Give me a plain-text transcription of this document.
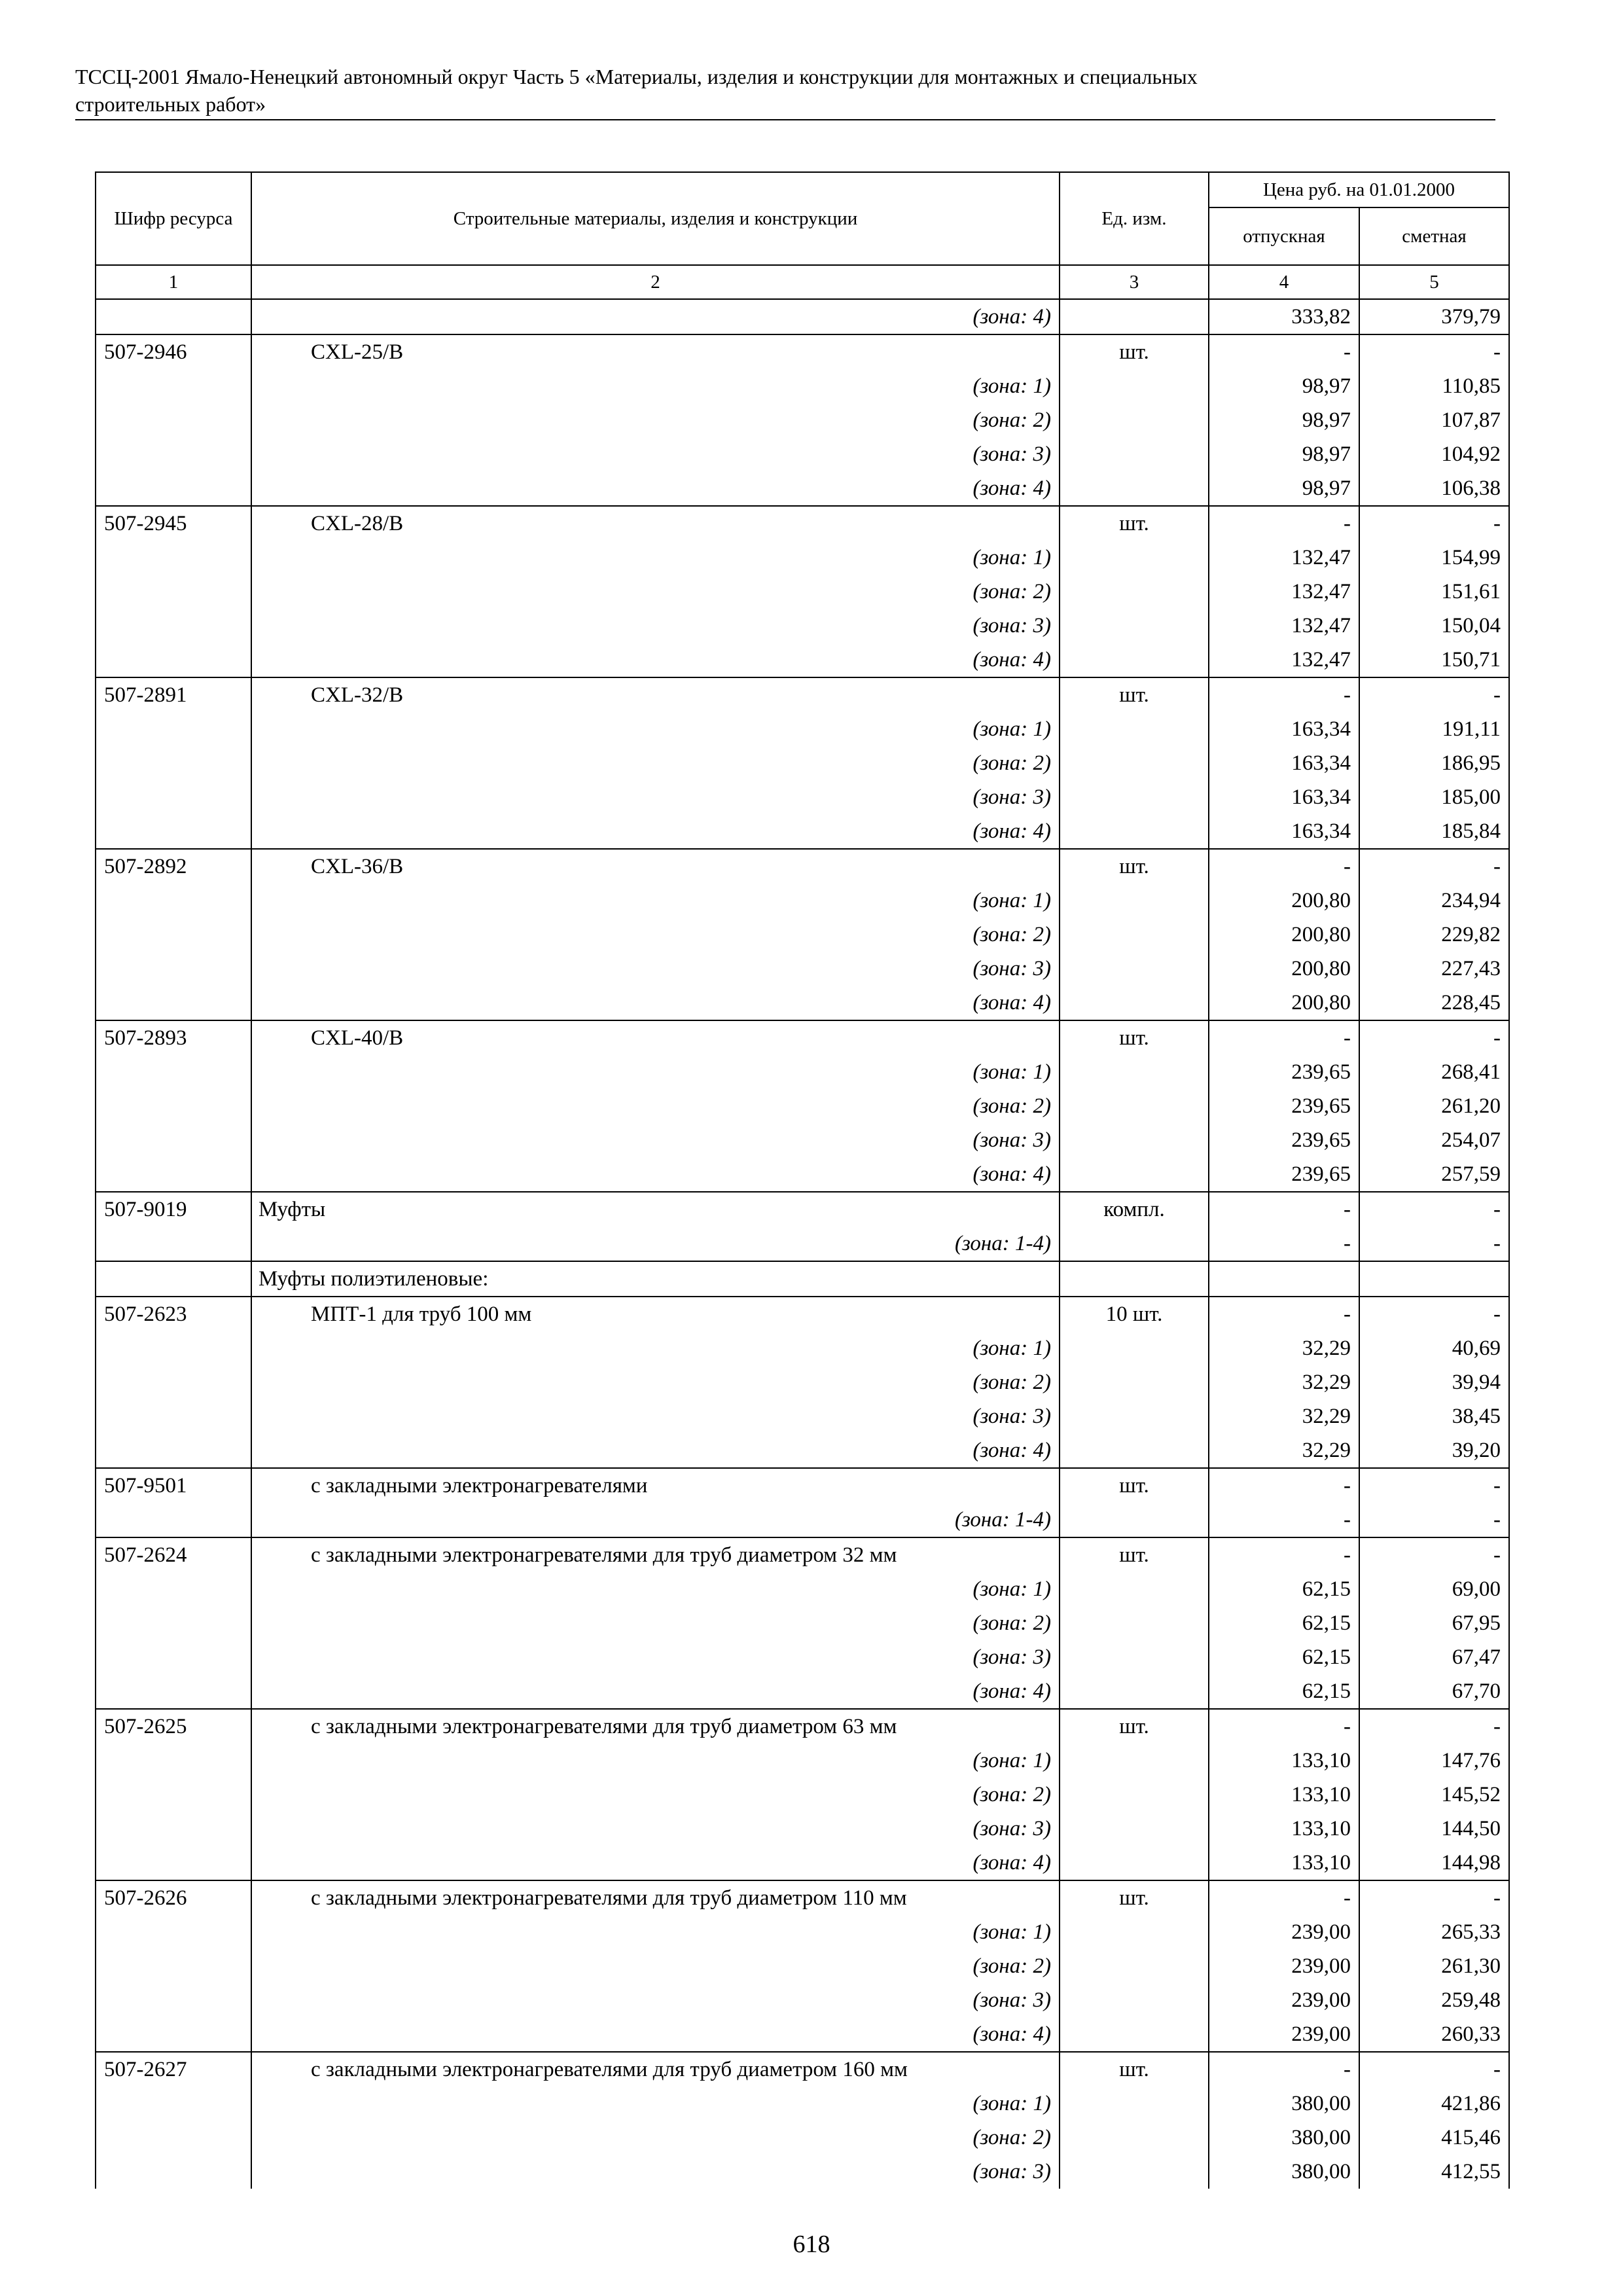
ТССЦ-2001 Ямало-Ненецкий автономный округ Часть 5 «Материалы, изделия и конструкции для монтажных и специальных
строительных работ»
Шифр ресурса	Строительные материалы, изделия и конструкции	Ед. изм.	Цена руб. на 01.01.2000	
			отпускная	сметная
1	2	3	4	5
	(зона: 4)		333,82	379,79
507-2946	CXL-25/B	шт.	-	-
	(зона: 1)		98,97	110,85
	(зона: 2)		98,97	107,87
	(зона: 3)		98,97	104,92
	(зона: 4)		98,97	106,38
507-2945	CXL-28/B	шт.	-	-
	(зона: 1)		132,47	154,99
	(зона: 2)		132,47	151,61
	(зона: 3)		132,47	150,04
	(зона: 4)		132,47	150,71
507-2891	CXL-32/B	шт.	-	-
	(зона: 1)		163,34	191,11
	(зона: 2)		163,34	186,95
	(зона: 3)		163,34	185,00
	(зона: 4)		163,34	185,84
507-2892	CXL-36/B	шт.	-	-
	(зона: 1)		200,80	234,94
	(зона: 2)		200,80	229,82
	(зона: 3)		200,80	227,43
	(зона: 4)		200,80	228,45
507-2893	CXL-40/B	шт.	-	-
	(зона: 1)		239,65	268,41
	(зона: 2)		239,65	261,20
	(зона: 3)		239,65	254,07
	(зона: 4)		239,65	257,59
507-9019	Муфты	компл.	-	-
	(зона: 1-4)		-	-
	Муфты полиэтиленовые:			
507-2623	МПТ-1 для труб 100 мм	10 шт.	-	-
	(зона: 1)		32,29	40,69
	(зона: 2)		32,29	39,94
	(зона: 3)		32,29	38,45
	(зона: 4)		32,29	39,20
507-9501	с закладными электронагревателями	шт.	-	-
	(зона: 1-4)		-	-
507-2624	с закладными электронагревателями для труб диаметром 32 мм	шт.	-	-
	(зона: 1)		62,15	69,00
	(зона: 2)		62,15	67,95
	(зона: 3)		62,15	67,47
	(зона: 4)		62,15	67,70
507-2625	с закладными электронагревателями для труб диаметром 63 мм	шт.	-	-
	(зона: 1)		133,10	147,76
	(зона: 2)		133,10	145,52
	(зона: 3)		133,10	144,50
	(зона: 4)		133,10	144,98
507-2626	с закладными электронагревателями для труб диаметром 110 мм	шт.	-	-
	(зона: 1)		239,00	265,33
	(зона: 2)		239,00	261,30
	(зона: 3)		239,00	259,48
	(зона: 4)		239,00	260,33
507-2627	с закладными электронагревателями для труб диаметром 160 мм	шт.	-	-
	(зона: 1)		380,00	421,86
	(зона: 2)		380,00	415,46
	(зона: 3)		380,00	412,55
618
